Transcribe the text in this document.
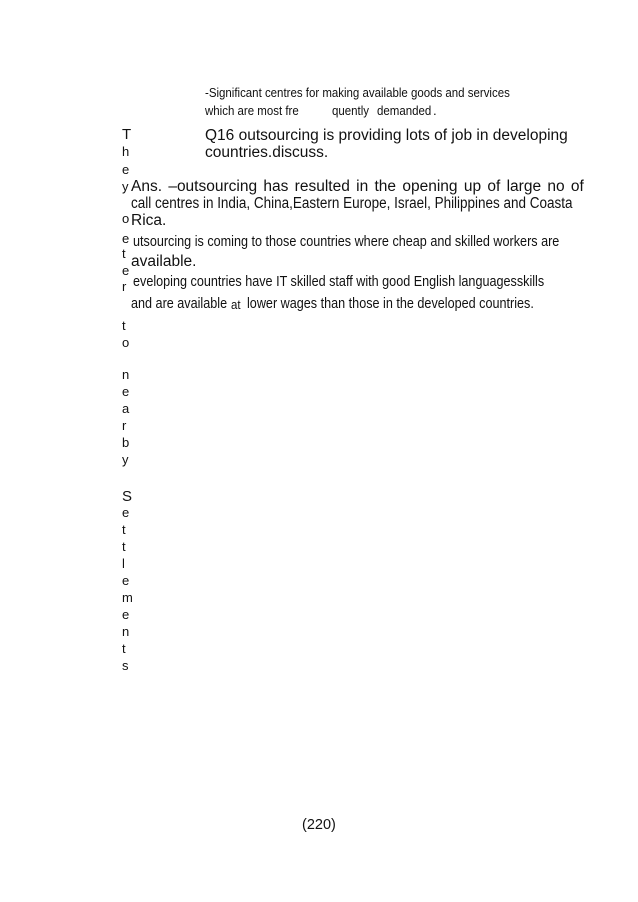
-Significant centres for making available goods and services
which are most fre	quently demanded .
Q16 outsourcing is providing lots of job in developing
countries.discuss.
Ans. –outsourcing has resulted in the opening up of large no of
call centres in India, China,Eastern Europe, Israel, Philippines and Coasta
Rica.
utsourcing is coming to those countries where cheap and skilled workers are
available.
eveloping countries have IT skilled staff with good English languagesskills
and are available at lower wages than those in the developed countries.
T
h
e
y
o
e
t
e
r
t
o
n
e
a
r
b
y
S
e
t
t
l
e
m
e
n
t
s
(220)
